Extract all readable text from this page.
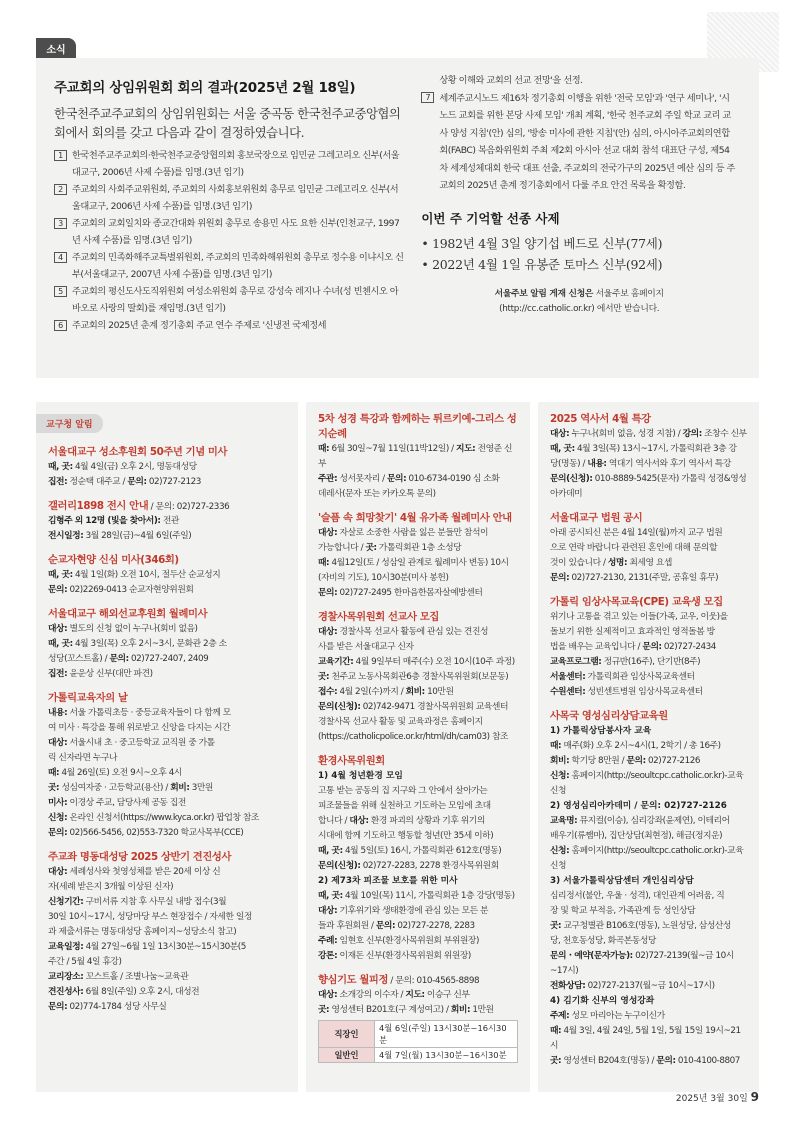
소식
주교회의 상임위원회 회의 결과(2025년 2월 18일)
한국천주교주교회의 상임위원회는 서울 중곡동 한국천주교중앙협의회에서 회의를 갖고 다음과 같이 결정하였습니다.
1 한국천주교주교회의·한국천주교중앙협의회 홍보국장으로 임민균 그레고리오 신부(서울대교구, 2006년 사제 수품)를 임명.(3년 임기)
2 주교회의 사회주교위원회, 주교회의 사회홍보위원회 총무로 임민균 그레고리오 신부(서울대교구, 2006년 사제 수품)를 임명.(3년 임기)
3 주교회의 교회일치와 종교간대화 위원회 총무로 송용민 사도 요한 신부(인천교구, 1997년 사제 수품)를 임명.(3년 임기)
4 주교회의 민족화해주교특별위원회, 주교회의 민족화해위원회 총무로 정수용 이냐시오 신부(서울대교구, 2007년 사제 수품)를 임명.(3년 임기)
5 주교회의 평신도사도직위원회 여성소위원회 총무로 강성숙 레지나 수녀(성 빈첸시오 아 바오로 사랑의 딸회)를 재임명.(3년 임기)
6 주교회의 2025년 춘계 정기총회 주교 연수 주제로 '신냉전 국제정세
상황 이해와 교회의 선교 전망'을 선정.
7 세계주교시노드 제16차 정기총회 이행을 위한 '전국 모임'과 '연구 세미나', '시노드 교회를 위한 본당 사제 모임' 개최 계획, '한국 천주교회 주일 학교 교리 교사 양성 지침'(안) 심의, '방송 미사에 관한 지침'(안) 심의, 아시아주교회의연합회(FABC) 복음화위원회 주최 제2회 아시아 선교 대회 참석 대표단 구성, 제54차 세계성체대회 한국 대표 선출, 주교회의 전국가구의 2025년 예산 심의 등 주교회의 2025년 춘계 정기총회에서 다룰 주요 안건 목록을 확정함.
이번 주 기억할 선종 사제
• 1982년 4월 3일 양기섭 베드로 신부(77세)
• 2022년 4월 1일 유봉준 토마스 신부(92세)
서울주보 알림 게재 신청은 서울주보 홈페이지
(http://cc.catholic.or.kr) 에서만 받습니다.
교구청 알림
서울대교구 성소후원회 50주년 기념 미사
때, 곳: 4월 4일(금) 오후 2시, 명동대성당
집전: 정순택 대주교 / 문의: 02)727-2123
갤러리1898 전시 안내 / 문의: 02)727-2336
김형주 외 12명 (빛을 찾아서): 전관
전시일정: 3월 28일(금)~4월 6일(주일)
순교자현양 신심 미사(346회)
때, 곳: 4월 1일(화) 오전 10시, 절두산 순교성지
문의: 02)2269-0413 순교자현양위원회
서울대교구 해외선교후원회 월례미사
대상: 별도의 신청 없이 누구나(회비 없음)
때, 곳: 4월 3일(목) 오후 2시~3시, 문화관 2층 소
성당(꼬스트홀) / 문의: 02)727-2407, 2409
집전: 윤운상 신부(대만 파견)
가톨릭교육자의 날
내용: 서울 가톨릭초등 · 중등교육자들이 다 함께 모
여 미사 · 특강을 통해 위로받고 신앙을 다지는 시간
대상: 서울시내 초 · 중고등학교 교직원 중 가톨
릭 신자라면 누구나
때: 4월 26일(토) 오전 9시~오후 4시
곳: 성심여자중 · 고등학교(용산) / 회비: 3만원
미사: 이경상 주교, 담당사제 공동 집전
신청: 온라인 신청서(https://www.kyca.or.kr) 팝업창 참조
문의: 02)566-5456, 02)553-7320 학교사목부(CCE)
주교좌 명동대성당 2025 상반기 견진성사
대상: 세례성사와 첫영성체를 받은 20세 이상 신
자(세례 받은지 3개월 이상된 신자)
신청기간: 구비서류 지참 후 사무실 내방 접수(3월
30일 10시~17시, 성당마당 부스 현장접수 / 자세한 일정
과 제출서류는 명동대성당 홈페이지~성당소식 참고)
교육일정: 4월 27일~6월 1일 13시30분~15시30분(5
주간 / 5월 4일 휴강)
교리장소: 꼬스트홀 / 조별나눔~교육관
견진성사: 6월 8일(주일) 오후 2시, 대성전
문의: 02)774-1784 성당 사무실
5차 성경 특강과 함께하는 튀르키예-그리스 성지순례
때: 6월 30일~7월 11일(11박12일) / 지도: 전영준 신부
주관: 성서못자리 / 문의: 010-6734-0190 심 소화
데레사(문자 또는 카카오톡 문의)
'슬픔 속 희망찾기' 4월 유가족 월례미사 안내
대상: 자살로 소중한 사람을 잃은 분들만 참석이
가능합니다 / 곳: 가톨릭회관 1층 소성당
때: 4월12일(토 / 성삼일 관계로 월례미사 변동) 10시
(자비의 기도), 10시30분(미사 봉헌)
문의: 02)727-2495 한마음한몸자살예방센터
경찰사목위원회 선교사 모집
대상: 경찰사목 선교사 활동에 관심 있는 견진성
사를 받은 서울대교구 신자
교육기간: 4월 9일부터 매주(수) 오전 10시(10주 과정)
곳: 천주교 노동사목회관6층 경찰사목위원회(보문동)
접수: 4월 2일(수)까지 / 회비: 10만원
문의(신청): 02)742-9471 경찰사목위원회 교육센터
경찰사목 선교사 활동 및 교육과정은 홈페이지
(https://catholicpolice.or.kr/html/dh/cam03) 참조
환경사목위원회
1) 4월 청년환경 모임
고통 받는 공동의 집 지구와 그 안에서 살아가는
피조물들을 위해 실천하고 기도하는 모임에 초대
합니다 / 대상: 환경 파괴의 상황과 기후 위기의
시대에 함께 기도하고 행동할 청년(만 35세 이하)
때, 곳: 4월 5일(토) 16시, 가톨릭회관 612호(명동)
문의(신청): 02)727-2283, 2278 환경사목위원회
2) 제73차 피조물 보호를 위한 미사
때, 곳: 4월 10일(목) 11시, 가톨릭회관 1층 강당(명동)
대상: 기후위기와 생태환경에 관심 있는 모든 분
들과 후원회원 / 문의: 02)727-2278, 2283
주례: 임현호 신부(환경사목위원회 부위원장)
강론: 이재돈 신부(환경사목위원회 위원장)
향심기도 월피정 / 문의: 010-4565-8898
대상: 소개강의 이수자 / 지도: 이승구 신부
곳: 영성센터 B201호(구 계성여고) / 회비: 1만원
직장인	4월 6일(주일) 13시30분~16시30분
일반인	4월 7일(월) 13시30분~16시30분
2025 역사서 4월 특강
대상: 누구나(회비 없음, 성경 지참) / 강의: 조창수 신부
때, 곳: 4월 3일(목) 13시~17시, 가톨릭회관 3층 강
당(명동) / 내용: 역대기 역사서와 후기 역사서 특강
문의(신청): 010-8889-5425(문자) 가톨릭 성경&영성 아카데미
서울대교구 법원 공시
아래 공시되신 분은 4월 14일(월)까지 교구 법원
으로 연락 바랍니다 관련된 혼인에 대해 문의할
것이 있습니다 / 성명: 최세영 요셉
문의: 02)727-2130, 2131(주말, 공휴일 휴무)
가톨릭 임상사목교육(CPE) 교육생 모집
위기나 고통을 겪고 있는 이들(가족, 교우, 이웃)을
돌보기 위한 실제적이고 효과적인 영적돌봄 방
법을 배우는 교육입니다 / 문의: 02)727-2434
교육프로그램: 정규반(16주), 단기반(8주)
서울센터: 가톨릭회관 임상사목교육센터
수원센터: 성빈센트병원 임상사목교육센터
사목국 영성심리상담교육원
1) 가톨릭상담봉사자 교육
때: 매주(화) 오후 2시~4시(1, 2학기 / 총 16주)
회비: 학기당 8만원 / 문의: 02)727-2126
신청: 홈페이지(http://seoultcpc.catholic.or.kr)-교육신청
2) 영성심리아카데미 / 문의: 02)727-2126
교육명: 뮤지컬(이승), 심리강좌(윤제연), 이테리어
배우기(류쨈마), 집단상담(최현정), 해금(정지운)
신청: 홈페이지(http://seoultcpc.catholic.or.kr)-교육신청
3) 서울가톨릭상담센터 개인심리상담
심리정서(불안, 우울 · 성격), 대인관계 어려움, 직
장 및 학교 부적응, 가족관계 등 성인상담
곳: 교구청별관 B106호(명동), 노원성당, 삼성산성
당, 천호동성당, 화곡본동성당
문의 · 예약(문자가능): 02)727-2139(월~금 10시~17시)
전화상담: 02)727-2137(월~금 10시~17시)
4) 김기화 신부의 영성강좌
주제: 성모 마리아는 누구이신가
때: 4월 3일, 4월 24일, 5월 1일, 5월 15일 19시~21시
곳: 영성센터 B204호(명동) / 문의: 010-4100-8807
2025년 3월 30일 9
